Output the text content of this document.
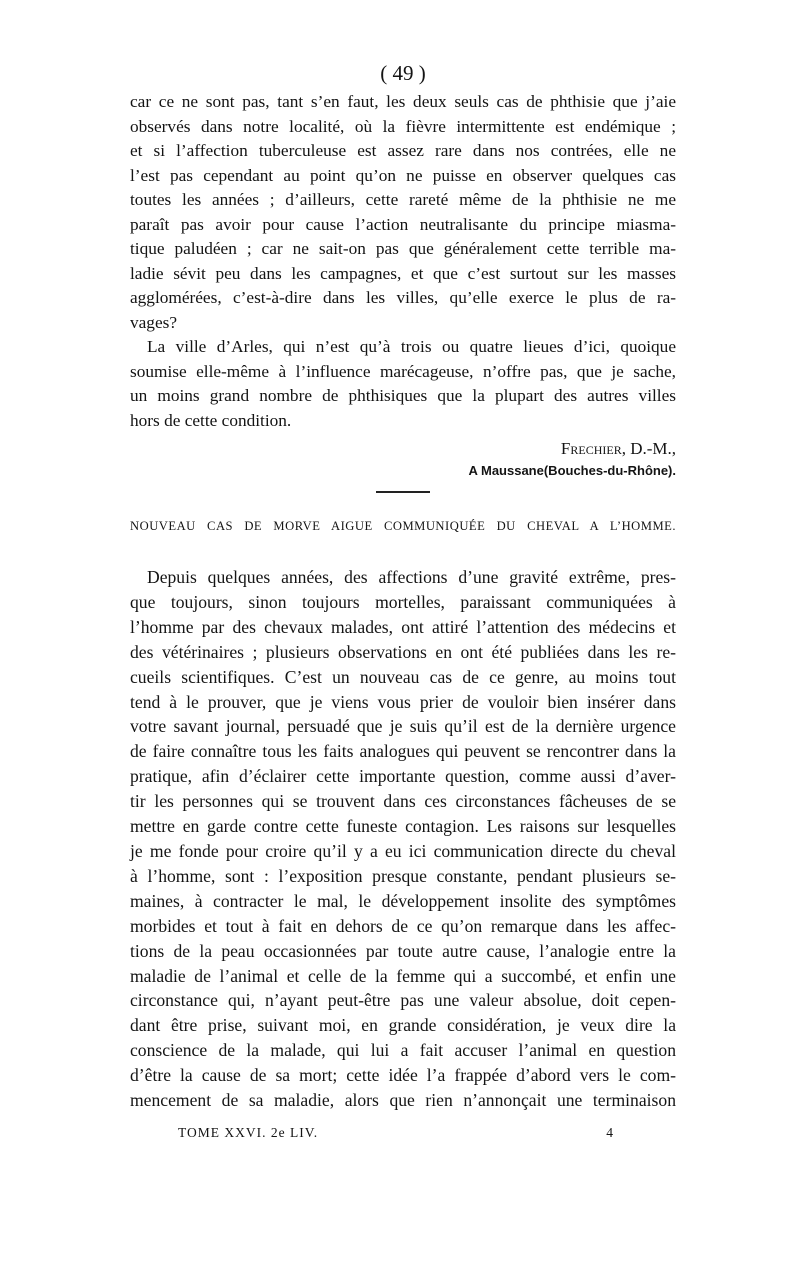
( 49 )
car ce ne sont pas, tant s’en faut, les deux seuls cas de phthisie que j’aie
observés dans notre localité, où la fièvre intermittente est endémique ;
et si l’affection tuberculeuse est assez rare dans nos contrées, elle ne
l’est pas cependant au point qu’on ne puisse en observer quelques cas
toutes les années ; d’ailleurs, cette rareté même de la phthisie ne me
paraît pas avoir pour cause l’action neutralisante du principe miasma-
tique paludéen ; car ne sait-on pas que généralement cette terrible ma-
ladie sévit peu dans les campagnes, et que c’est surtout sur les masses
agglomérées, c’est-à-dire dans les villes, qu’elle exerce le plus de ra-
vages?
La ville d’Arles, qui n’est qu’à trois ou quatre lieues d’ici, quoique
soumise elle-même à l’influence marécageuse, n’offre pas, que je sache,
un moins grand nombre de phthisiques que la plupart des autres villes
hors de cette condition.

Frechier, D.-M.,

A Maussane(Bouches-du-Rhône).

NOUVEAU CAS DE MORVE AIGUE COMMUNIQUÉE DU CHEVAL A L’HOMME.
Depuis quelques années, des affections d’une gravité extrême, pres-
que toujours, sinon toujours mortelles, paraissant communiquées à
l’homme par des chevaux malades, ont attiré l’attention des médecins et
des vétérinaires ; plusieurs observations en ont été publiées dans les re-
cueils scientifiques. C’est un nouveau cas de ce genre, au moins tout
tend à le prouver, que je viens vous prier de vouloir bien insérer dans
votre savant journal, persuadé que je suis qu’il est de la dernière urgence
de faire connaître tous les faits analogues qui peuvent se rencontrer dans la
pratique, afin d’éclairer cette importante question, comme aussi d’aver-
tir les personnes qui se trouvent dans ces circonstances fâcheuses de se
mettre en garde contre cette funeste contagion. Les raisons sur lesquelles
je me fonde pour croire qu’il y a eu ici communication directe du cheval
à l’homme, sont : l’exposition presque constante, pendant plusieurs se-
maines, à contracter le mal, le développement insolite des symptômes
morbides et tout à fait en dehors de ce qu’on remarque dans les affec-
tions de la peau occasionnées par toute autre cause, l’analogie entre la
maladie de l’animal et celle de la femme qui a succombé, et enfin une
circonstance qui, n’ayant peut-être pas une valeur absolue, doit cepen-
dant être prise, suivant moi, en grande considération, je veux dire la
conscience de la malade, qui lui a fait accuser l’animal en question
d’être la cause de sa mort; cette idée l’a frappée d’abord vers le com-
mencement de sa maladie, alors que rien n’annonçait une terminaison
TOME XXVI. 2e LIV.	4
